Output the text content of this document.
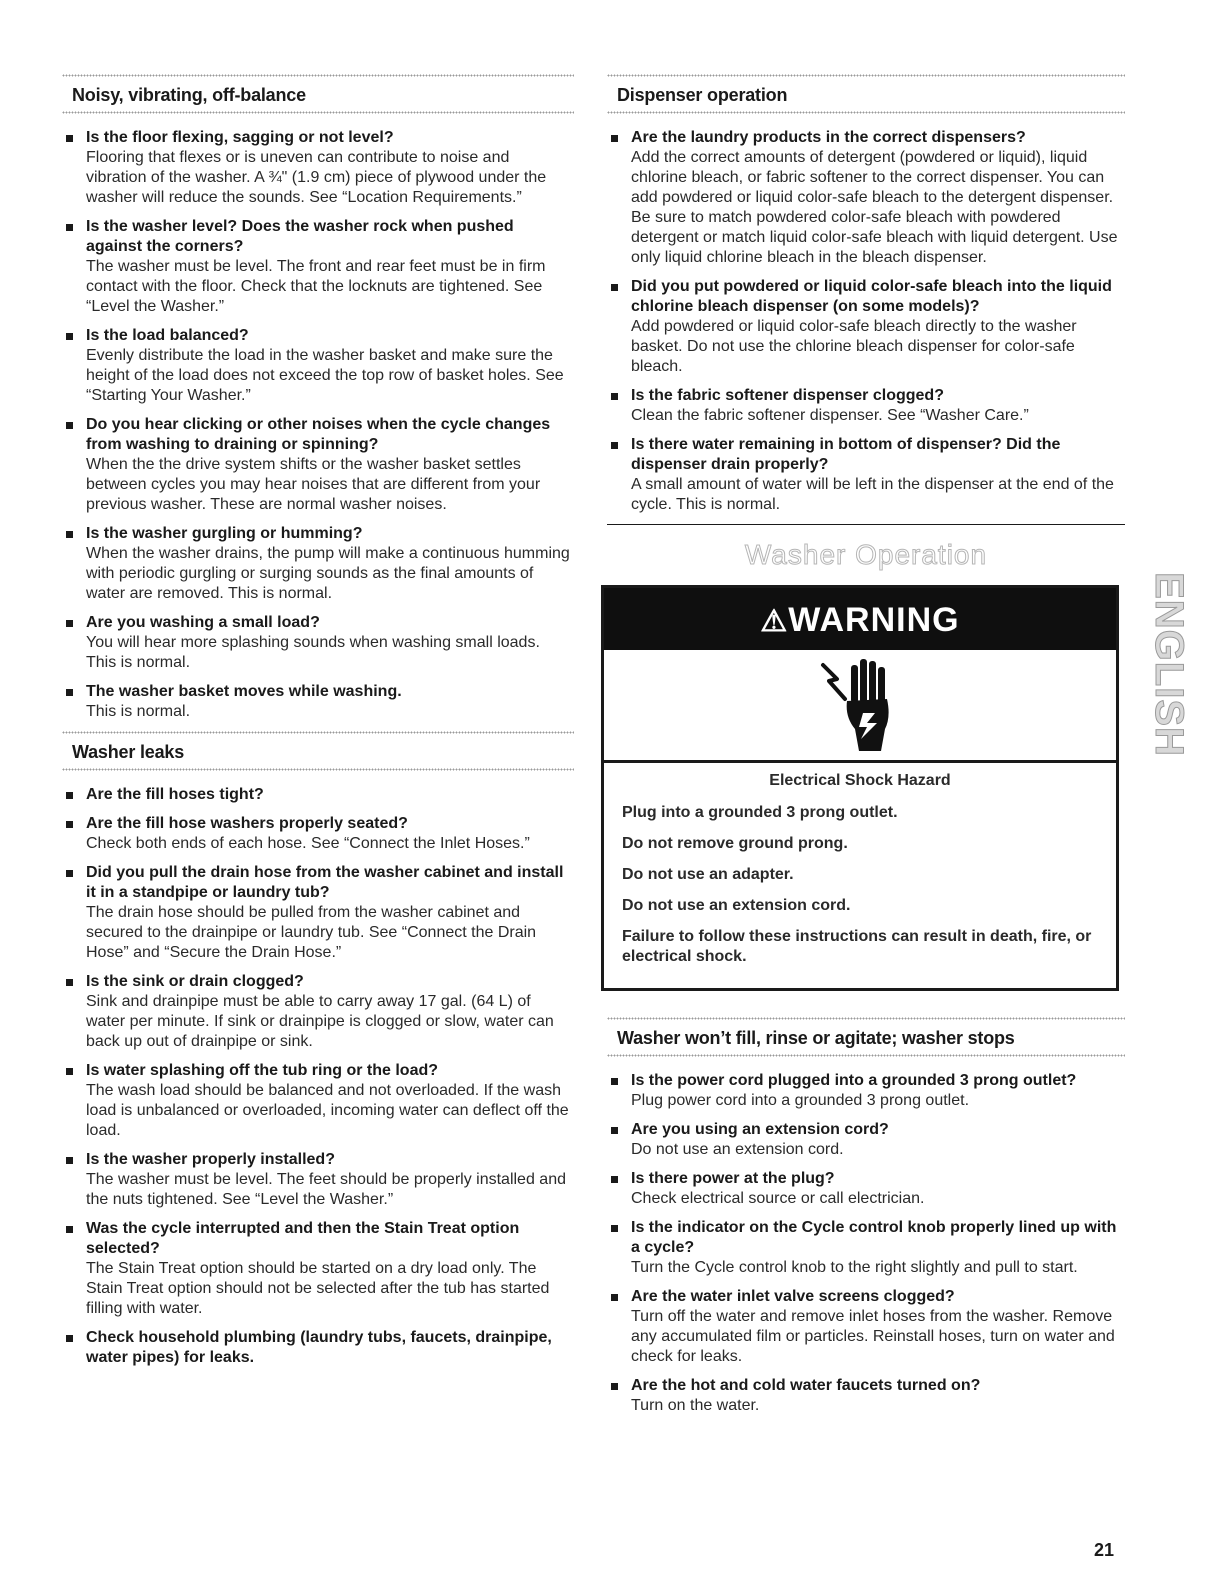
Noisy, vibrating, off-balance
Is the floor flexing, sagging or not level?
Flooring that flexes or is uneven can contribute to noise and vibration of the washer. A ¾" (1.9 cm) piece of plywood under the washer will reduce the sounds. See “Location Requirements.”
Is the washer level? Does the washer rock when pushed against the corners?
The washer must be level. The front and rear feet must be in firm contact with the floor. Check that the locknuts are tightened. See “Level the Washer.”
Is the load balanced?
Evenly distribute the load in the washer basket and make sure the height of the load does not exceed the top row of basket holes. See “Starting Your Washer.”
Do you hear clicking or other noises when the cycle changes from washing to draining or spinning?
When the the drive system shifts or the washer basket settles between cycles you may hear noises that are different from your previous washer. These are normal washer noises.
Is the washer gurgling or humming?
When the washer drains, the pump will make a continuous humming with periodic gurgling or surging sounds as the final amounts of water are removed. This is normal.
Are you washing a small load?
You will hear more splashing sounds when washing small loads. This is normal.
The washer basket moves while washing.
This is normal.
Washer leaks
Are the fill hoses tight?
Are the fill hose washers properly seated?
Check both ends of each hose. See “Connect the Inlet Hoses.”
Did you pull the drain hose from the washer cabinet and install it in a standpipe or laundry tub?
The drain hose should be pulled from the washer cabinet and secured to the drainpipe or laundry tub. See “Connect the Drain Hose” and “Secure the Drain Hose.”
Is the sink or drain clogged?
Sink and drainpipe must be able to carry away 17 gal. (64 L) of water per minute. If sink or drainpipe is clogged or slow, water can back up out of drainpipe or sink.
Is water splashing off the tub ring or the load?
The wash load should be balanced and not overloaded. If the wash load is unbalanced or overloaded, incoming water can deflect off the load.
Is the washer properly installed?
The washer must be level. The feet should be properly installed and the nuts tightened. See “Level the Washer.”
Was the cycle interrupted and then the Stain Treat option selected?
The Stain Treat option should be started on a dry load only. The Stain Treat option should not be selected after the tub has started filling with water.
Check household plumbing (laundry tubs, faucets, drainpipe, water pipes) for leaks.
Dispenser operation
Are the laundry products in the correct dispensers?
Add the correct amounts of detergent (powdered or liquid), liquid chlorine bleach, or fabric softener to the correct dispenser. You can add powdered or liquid color-safe bleach to the detergent dispenser. Be sure to match powdered color-safe bleach with powdered detergent or match liquid color-safe bleach with liquid detergent. Use only liquid chlorine bleach in the bleach dispenser.
Did you put powdered or liquid color-safe bleach into the liquid chlorine bleach dispenser (on some models)?
Add powdered or liquid color-safe bleach directly to the washer basket. Do not use the chlorine bleach dispenser for color-safe bleach.
Is the fabric softener dispenser clogged?
Clean the fabric softener dispenser. See “Washer Care.”
Is there water remaining in bottom of dispenser? Did the dispenser drain properly?
A small amount of water will be left in the dispenser at the end of the cycle. This is normal.
Washer Operation
⚠WARNING
Electrical Shock Hazard
Plug into a grounded 3 prong outlet.
Do not remove ground prong.
Do not use an adapter.
Do not use an extension cord.
Failure to follow these instructions can result in death, fire, or electrical shock.
Washer won’t fill, rinse or agitate; washer stops
Is the power cord plugged into a grounded 3 prong outlet?
Plug power cord into a grounded 3 prong outlet.
Are you using an extension cord?
Do not use an extension cord.
Is there power at the plug?
Check electrical source or call electrician.
Is the indicator on the Cycle control knob properly lined up with a cycle?
Turn the Cycle control knob to the right slightly and pull to start.
Are the water inlet valve screens clogged?
Turn off the water and remove inlet hoses from the washer. Remove any accumulated film or particles. Reinstall hoses, turn on water and check for leaks.
Are the hot and cold water faucets turned on?
Turn on the water.
ENGLISH
21
